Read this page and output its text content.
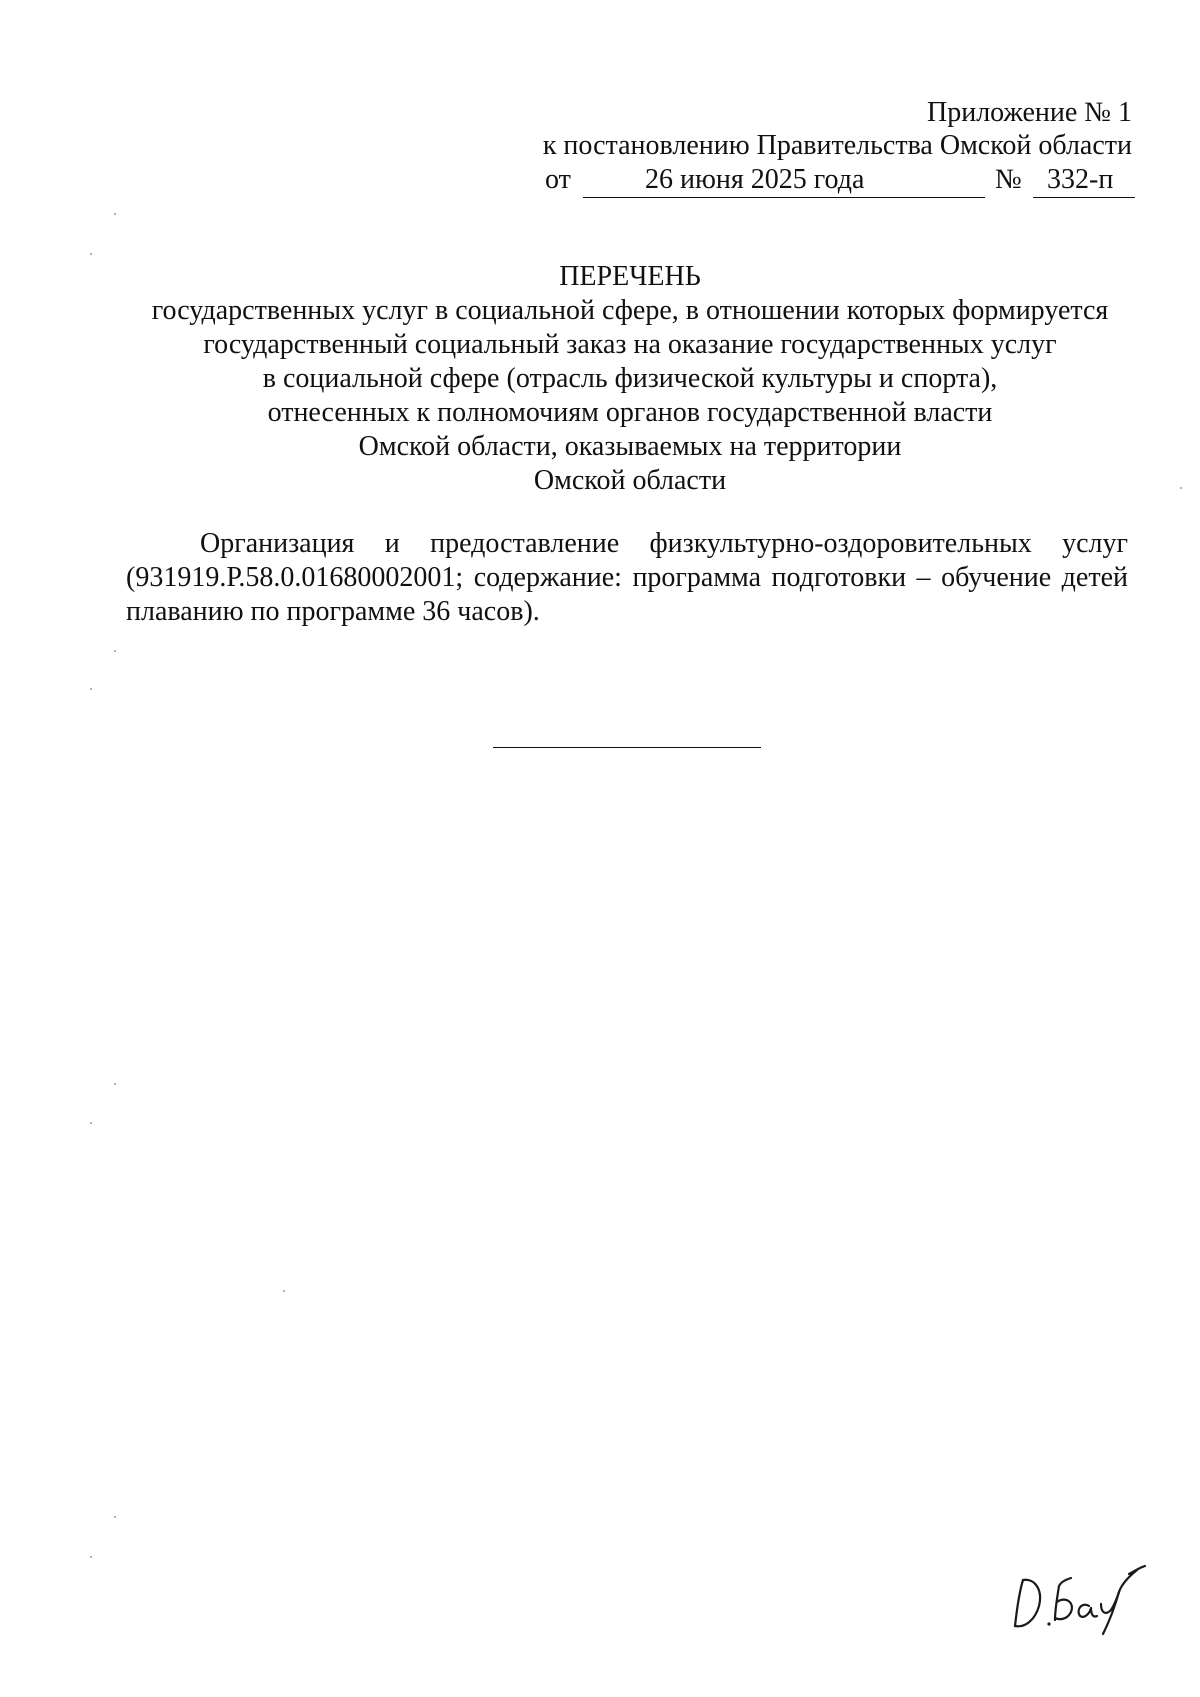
Приложение № 1
к постановлению Правительства Омской области
от	26 июня 2025 года	№ 332-п
ПЕРЕЧЕНЬ
государственных услуг в социальной сфере, в отношении которых формируется
государственный социальный заказ на оказание государственных услуг
в социальной сфере (отрасль физической культуры и спорта),
отнесенных к полномочиям органов государственной власти
Омской области, оказываемых на территории
Омской области
Организация и предоставление физкультурно-оздоровительных услуг
(931919.Р.58.0.01680002001; содержание: программа подготовки – обучение детей
плаванию по программе 36 часов).
